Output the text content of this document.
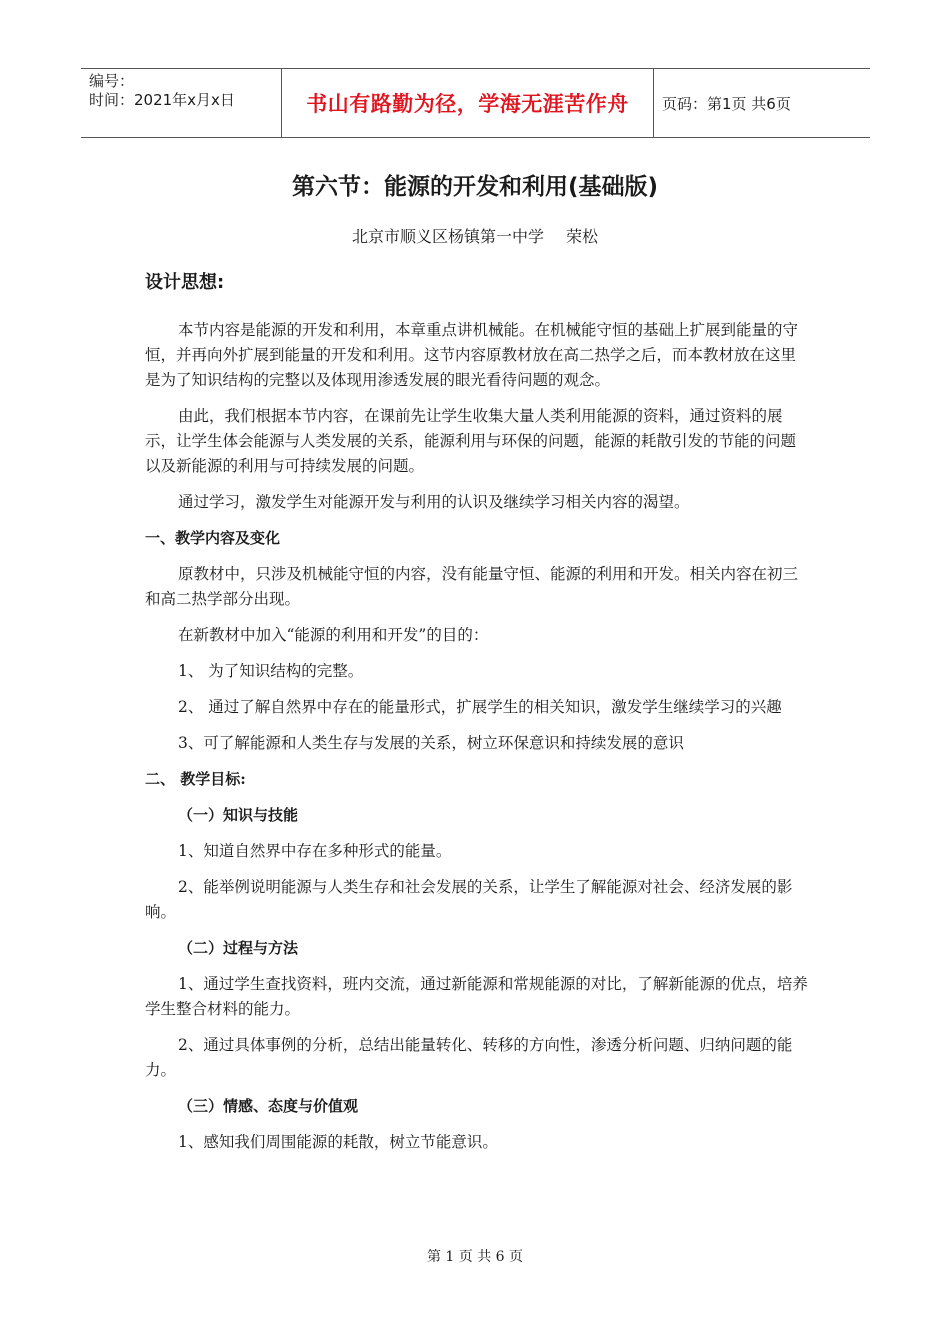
编号：
时间：2021年x月x日	书山有路勤为径，学海无涯苦作舟 页码：第1页 共6页
第六节：能源的开发和利用(基础版)
北京市顺义区杨镇第一中学 荣松

设计思想:

本节内容是能源的开发和利用，本章重点讲机械能。在机械能守恒的基础上扩展到能量的守恒，并再向外扩展到能量的开发和利用。这节内容原教材放在高二热学之后，而本教材放在这里是为了知识结构的完整以及体现用渗透发展的眼光看待问题的观念。

由此，我们根据本节内容，在课前先让学生收集大量人类利用能源的资料，通过资料的展示，让学生体会能源与人类发展的关系，能源利用与环保的问题，能源的耗散引发的节能的问题以及新能源的利用与可持续发展的问题。

通过学习，激发学生对能源开发与利用的认识及继续学习相关内容的渴望。

一、教学内容及变化

原教材中，只涉及机械能守恒的内容，没有能量守恒、能源的利用和开发。相关内容在初三和高二热学部分出现。

在新教材中加入“能源的利用和开发”的目的：

1、 为了知识结构的完整。

2、 通过了解自然界中存在的能量形式，扩展学生的相关知识，激发学生继续学习的兴趣

3、可了解能源和人类生存与发展的关系，树立环保意识和持续发展的意识

二、 教学目标:

（一）知识与技能

1、知道自然界中存在多种形式的能量。

2、能举例说明能源与人类生存和社会发展的关系，让学生了解能源对社会、经济发展的影响。

（二）过程与方法

1、通过学生查找资料，班内交流，通过新能源和常规能源的对比，了解新能源的优点，培养学生整合材料的能力。

2、通过具体事例的分析，总结出能量转化、转移的方向性，渗透分析问题、归纳问题的能力。

（三）情感、态度与价值观

1、感知我们周围能源的耗散，树立节能意识。

第 1 页 共 6 页
